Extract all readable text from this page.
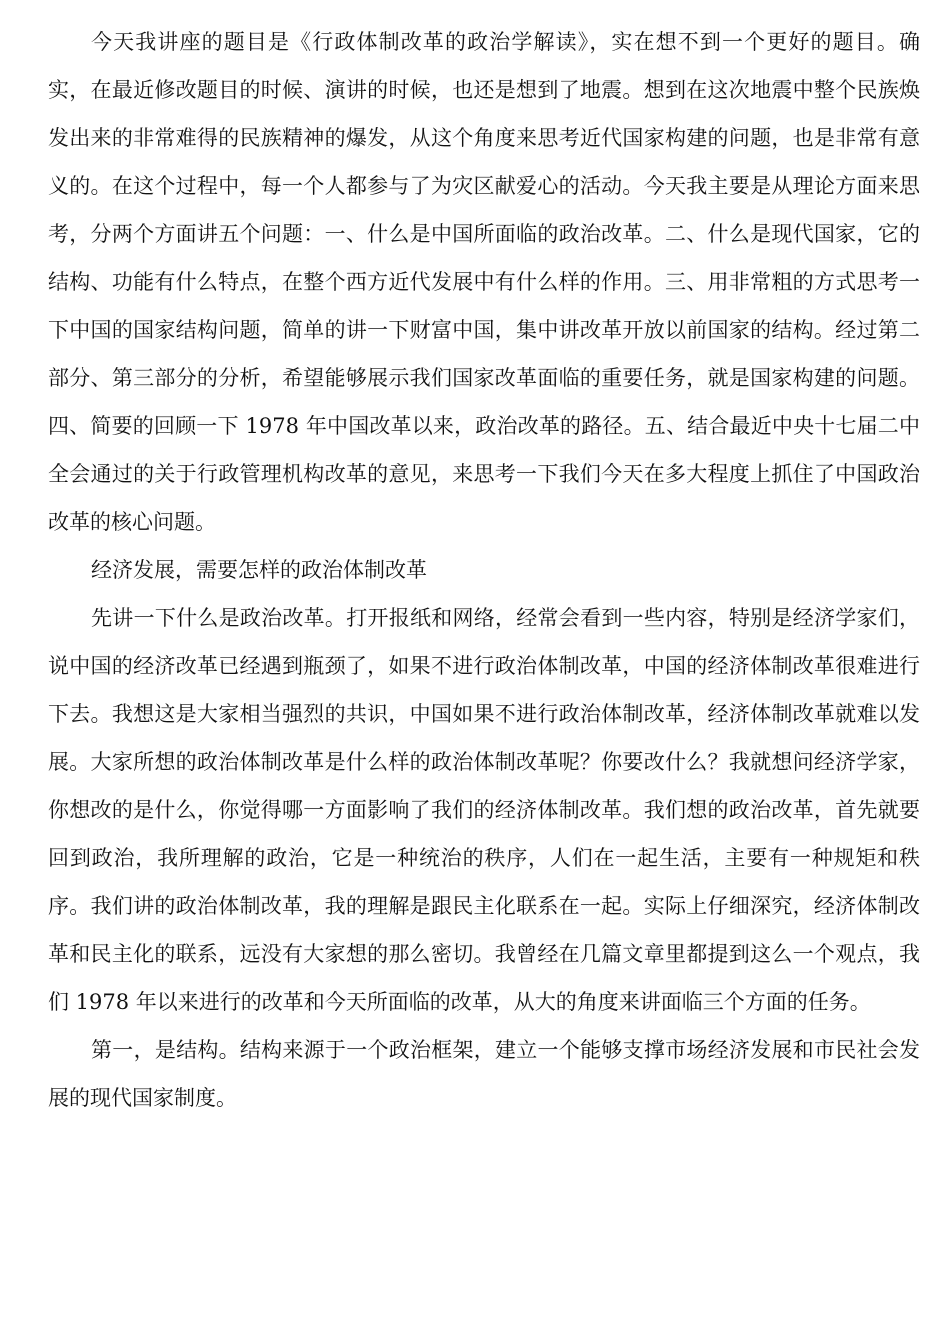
今天我讲座的题目是《行政体制改革的政治学解读》，实在想不到一个更好的题目。确实，在最近修改题目的时候、演讲的时候，也还是想到了地震。想到在这次地震中整个民族焕发出来的非常难得的民族精神的爆发，从这个角度来思考近代国家构建的问题，也是非常有意义的。在这个过程中，每一个人都参与了为灾区献爱心的活动。今天我主要是从理论方面来思考，分两个方面讲五个问题：一、什么是中国所面临的政治改革。二、什么是现代国家，它的结构、功能有什么特点，在整个西方近代发展中有什么样的作用。三、用非常粗的方式思考一下中国的国家结构问题，简单的讲一下财富中国，集中讲改革开放以前国家的结构。经过第二部分、第三部分的分析，希望能够展示我们国家改革面临的重要任务，就是国家构建的问题。四、简要的回顾一下 1978 年中国改革以来，政治改革的路径。五、结合最近中央十七届二中全会通过的关于行政管理机构改革的意见，来思考一下我们今天在多大程度上抓住了中国政治改革的核心问题。

经济发展，需要怎样的政治体制改革

先讲一下什么是政治改革。打开报纸和网络，经常会看到一些内容，特别是经济学家们，说中国的经济改革已经遇到瓶颈了，如果不进行政治体制改革，中国的经济体制改革很难进行下去。我想这是大家相当强烈的共识，中国如果不进行政治体制改革，经济体制改革就难以发展。大家所想的政治体制改革是什么样的政治体制改革呢？你要改什么？我就想问经济学家，你想改的是什么，你觉得哪一方面影响了我们的经济体制改革。我们想的政治改革，首先就要回到政治，我所理解的政治，它是一种统治的秩序，人们在一起生活，主要有一种规矩和秩序。我们讲的政治体制改革，我的理解是跟民主化联系在一起。实际上仔细深究，经济体制改革和民主化的联系，远没有大家想的那么密切。我曾经在几篇文章里都提到这么一个观点，我们 1978 年以来进行的改革和今天所面临的改革，从大的角度来讲面临三个方面的任务。

第一，是结构。结构来源于一个政治框架，建立一个能够支撑市场经济发展和市民社会发展的现代国家制度。
